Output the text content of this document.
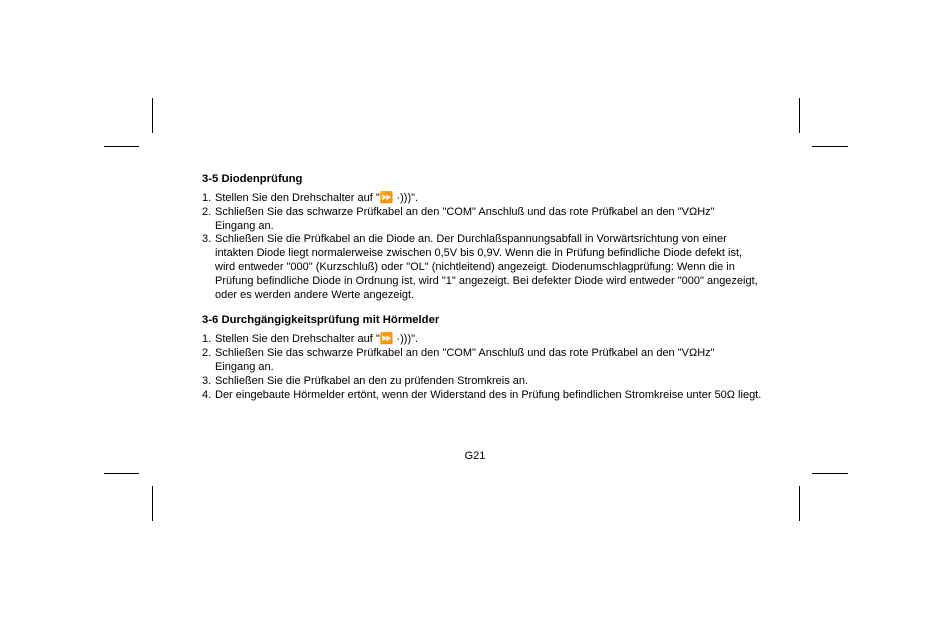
3-5 Diodenprüfung
1. Stellen Sie den Drehschalter auf "⏩ ·)))".
2. Schließen Sie das schwarze Prüfkabel an den "COM" Anschluß und das rote Prüfkabel an den "VΩHz"
Eingang an.
3. Schließen Sie die Prüfkabel an die Diode an. Der Durchlaßspannungsabfall in Vorwärtsrichtung von einer
intakten Diode liegt normalerweise zwischen 0,5V bis 0,9V. Wenn die in Prüfung befindliche Diode defekt ist,
wird entweder "000" (Kurzschluß) oder "OL" (nichtleitend) angezeigt. Diodenumschlagprüfung: Wenn die in
Prüfung befindliche Diode in Ordnung ist, wird "1" angezeigt. Bei defekter Diode wird entweder "000" angezeigt,
oder es werden andere Werte angezeigt.
3-6 Durchgängigkeitsprüfung mit Hörmelder
1. Stellen Sie den Drehschalter auf "⏩ ·)))".
2. Schließen Sie das schwarze Prüfkabel an den "COM" Anschluß und das rote Prüfkabel an den "VΩHz"
Eingang an.
3. Schließen Sie die Prüfkabel an den zu prüfenden Stromkreis an.
4. Der eingebaute Hörmelder ertönt, wenn der Widerstand des in Prüfung befindlichen Stromkreise unter 50Ω liegt.
G21
